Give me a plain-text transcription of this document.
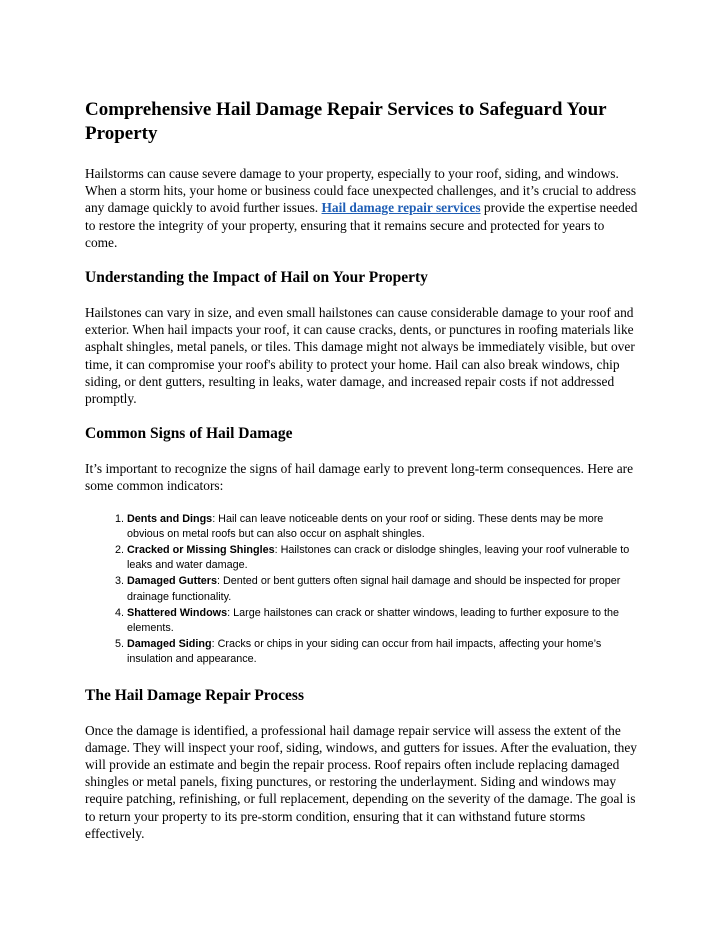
Comprehensive Hail Damage Repair Services to Safeguard Your Property

Hailstorms can cause severe damage to your property, especially to your roof, siding, and windows. When a storm hits, your home or business could face unexpected challenges, and it’s crucial to address any damage quickly to avoid further issues. Hail damage repair services provide the expertise needed to restore the integrity of your property, ensuring that it remains secure and protected for years to come.

Understanding the Impact of Hail on Your Property

Hailstones can vary in size, and even small hailstones can cause considerable damage to your roof and exterior. When hail impacts your roof, it can cause cracks, dents, or punctures in roofing materials like asphalt shingles, metal panels, or tiles. This damage might not always be immediately visible, but over time, it can compromise your roof's ability to protect your home. Hail can also break windows, chip siding, or dent gutters, resulting in leaks, water damage, and increased repair costs if not addressed promptly.

Common Signs of Hail Damage

It’s important to recognize the signs of hail damage early to prevent long-term consequences. Here are some common indicators:

1. Dents and Dings: Hail can leave noticeable dents on your roof or siding. These dents may be more obvious on metal roofs but can also occur on asphalt shingles.
2. Cracked or Missing Shingles: Hailstones can crack or dislodge shingles, leaving your roof vulnerable to leaks and water damage.
3. Damaged Gutters: Dented or bent gutters often signal hail damage and should be inspected for proper drainage functionality.
4. Shattered Windows: Large hailstones can crack or shatter windows, leading to further exposure to the elements.
5. Damaged Siding: Cracks or chips in your siding can occur from hail impacts, affecting your home’s insulation and appearance.
The Hail Damage Repair Process

Once the damage is identified, a professional hail damage repair service will assess the extent of the damage. They will inspect your roof, siding, windows, and gutters for issues. After the evaluation, they will provide an estimate and begin the repair process. Roof repairs often include replacing damaged shingles or metal panels, fixing punctures, or restoring the underlayment. Siding and windows may require patching, refinishing, or full replacement, depending on the severity of the damage. The goal is to return your property to its pre-storm condition, ensuring that it can withstand future storms effectively.
